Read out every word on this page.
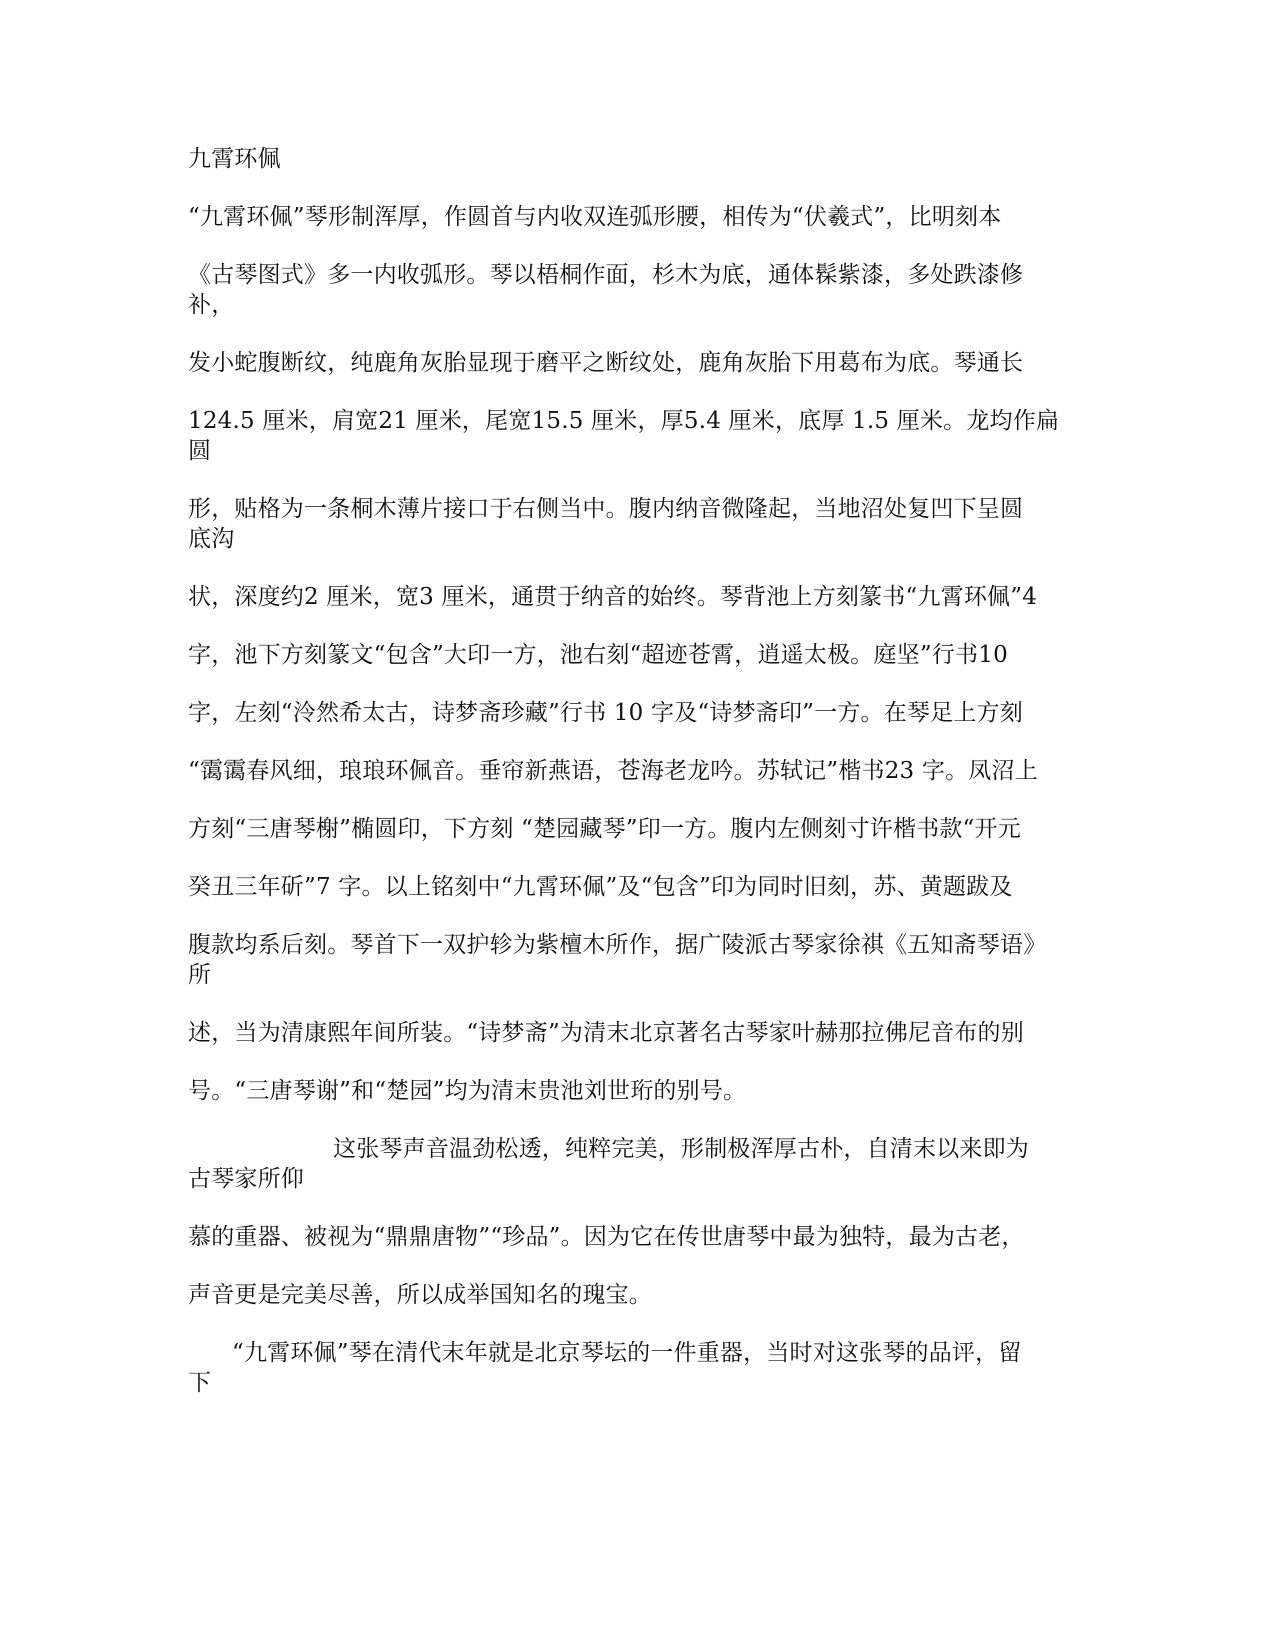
九霄环佩
“九霄环佩”琴形制浑厚，作圆首与内收双连弧形腰，相传为“伏羲式”，比明刻本
《古琴图式》多一内收弧形。琴以梧桐作面，杉木为底，通体髹紫漆，多处跌漆修
补，
发小蛇腹断纹，纯鹿角灰胎显现于磨平之断纹处，鹿角灰胎下用葛布为底。琴通长
124.5 厘米，肩宽21 厘米，尾宽15.5 厘米，厚5.4 厘米，底厚 1.5 厘米。龙均作扁
圆
形，贴格为一条桐木薄片接口于右侧当中。腹内纳音微隆起，当地沼处复凹下呈圆
底沟
状，深度约2 厘米，宽3 厘米，通贯于纳音的始终。琴背池上方刻篆书“九霄环佩”4
字，池下方刻篆文“包含”大印一方，池右刻“超迹苍霄，逍遥太极。庭坚”行书10
字，左刻“泠然希太古，诗梦斋珍藏”行书 10 字及“诗梦斋印”一方。在琴足上方刻
“霭霭春风细，琅琅环佩音。垂帘新燕语，苍海老龙吟。苏轼记”楷书23 字。凤沼上
方刻“三唐琴榭”椭圆印，下方刻 “楚园藏琴”印一方。腹内左侧刻寸许楷书款“开元
癸丑三年斫”7 字。以上铭刻中“九霄环佩”及“包含”印为同时旧刻，苏、黄题跋及
腹款均系后刻。琴首下一双护轸为紫檀木所作，据广陵派古琴家徐祺《五知斋琴语》
所
述，当为清康熙年间所装。“诗梦斋”为清末北京著名古琴家叶赫那拉佛尼音布的别
号。“三唐琴谢”和“楚园”均为清末贵池刘世珩的别号。
这张琴声音温劲松透，纯粹完美，形制极浑厚古朴，自清末以来即为
古琴家所仰
慕的重器、被视为“鼎鼎唐物”“珍品”。因为它在传世唐琴中最为独特，最为古老，
声音更是完美尽善，所以成举国知名的瑰宝。
“九霄环佩”琴在清代末年就是北京琴坛的一件重器，当时对这张琴的品评，留
下
